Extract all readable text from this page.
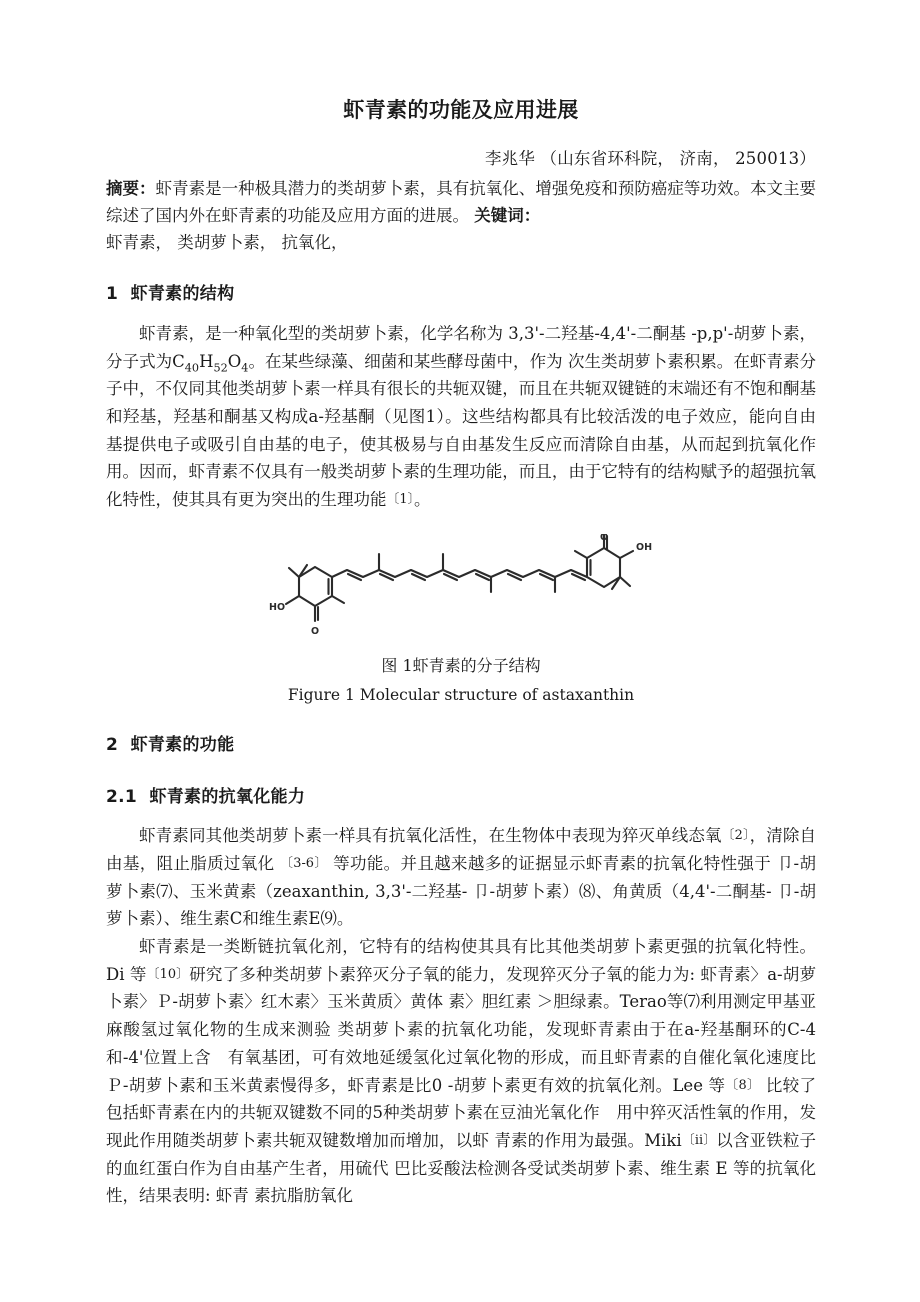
虾青素的功能及应用进展

李兆华 （山东省环科院， 济南， 250013）

摘要：虾青素是一种极具潜力的类胡萝卜素，具有抗氧化、增强免疫和预防癌症等功效。本文主要综述了国内外在虾青素的功能及应用方面的进展。 关键词：

虾青素， 类胡萝卜素， 抗氧化，

1 虾青素的结构

虾青素，是一种氧化型的类胡萝卜素，化学名称为 3,3'-二羟基-4,4'-二酮基 -p,p'-胡萝卜素，分子式为$C_{40}H_{52}O_4$。在某些绿藻、细菌和某些酵母菌中，作为 次生类胡萝卜素积累。在虾青素分子中，不仅同其他类胡萝卜素一样具有很长的共轭双键，而且在共轭双键链的末端还有不饱和酮基和羟基，羟基和酮基又构成a-羟基酮（见图1）。这些结构都具有比较活泼的电子效应，能向自由基提供电子或吸引自由基的电子，使其极易与自由基发生反应而清除自由基，从而起到抗氧化作用。因而，虾青素不仅具有一般类胡萝卜素的生理功能，而且，由于它特有的结构赋予的超强抗氧化特性，使其具有更为突出的生理功能〔1〕。

HO
O
O
OH

图 1虾青素的分子结构

Figure 1 Molecular structure of astaxanthin

2 虾青素的功能
2.1 虾青素的抗氧化能力

虾青素同其他类胡萝卜素一样具有抗氧化活性，在生物体中表现为猝灭单线态氧〔2〕，清除自由基，阻止脂质过氧化 〔3-6〕 等功能。并且越来越多的证据显示虾青素的抗氧化特性强于 卩-胡萝卜素⑺、玉米黄素（zeaxanthin, 3,3'-二羟基- 卩-胡萝卜素）⑻、角黄质（4,4'-二酮基- 卩-胡萝卜素）、维生素C和维生素E⑼。

虾青素是一类断链抗氧化剂，它特有的结构使其具有比其他类胡萝卜素更强的抗氧化特性。 Di 等〔10〕研究了多种类胡萝卜素猝灭分子氧的能力，发现猝灭分子氧的能力为: 虾青素〉a-胡萝卜素〉Ｐ-胡萝卜素〉红木素〉玉米黄质〉黄体 素〉胆红素 ＞胆绿素。Terao等⑺利用测定甲基亚麻酸氢过氧化物的生成来测验 类胡萝卜素的抗氧化功能，发现虾青素由于在a-羟基酮环的C-4和-4'位置上含　有氧基团，可有效地延缓氢化过氧化物的形成，而且虾青素的自催化氧化速度比 Ｐ-胡萝卜素和玉米黄素慢得多，虾青素是比0 -胡萝卜素更有效的抗氧化剂。Lee 等〔8〕 比较了包括虾青素在内的共轭双键数不同的5种类胡萝卜素在豆油光氧化作　用中猝灭活性氧的作用，发现此作用随类胡萝卜素共轭双键数增加而增加，以虾 青素的作用为最强。Miki〔ii〕以含亚铁粒子的血红蛋白作为自由基产生者，用硫代 巴比妥酸法检测各受试类胡萝卜素、维生素 E 等的抗氧化性，结果表明: 虾青 素抗脂肪氧化
